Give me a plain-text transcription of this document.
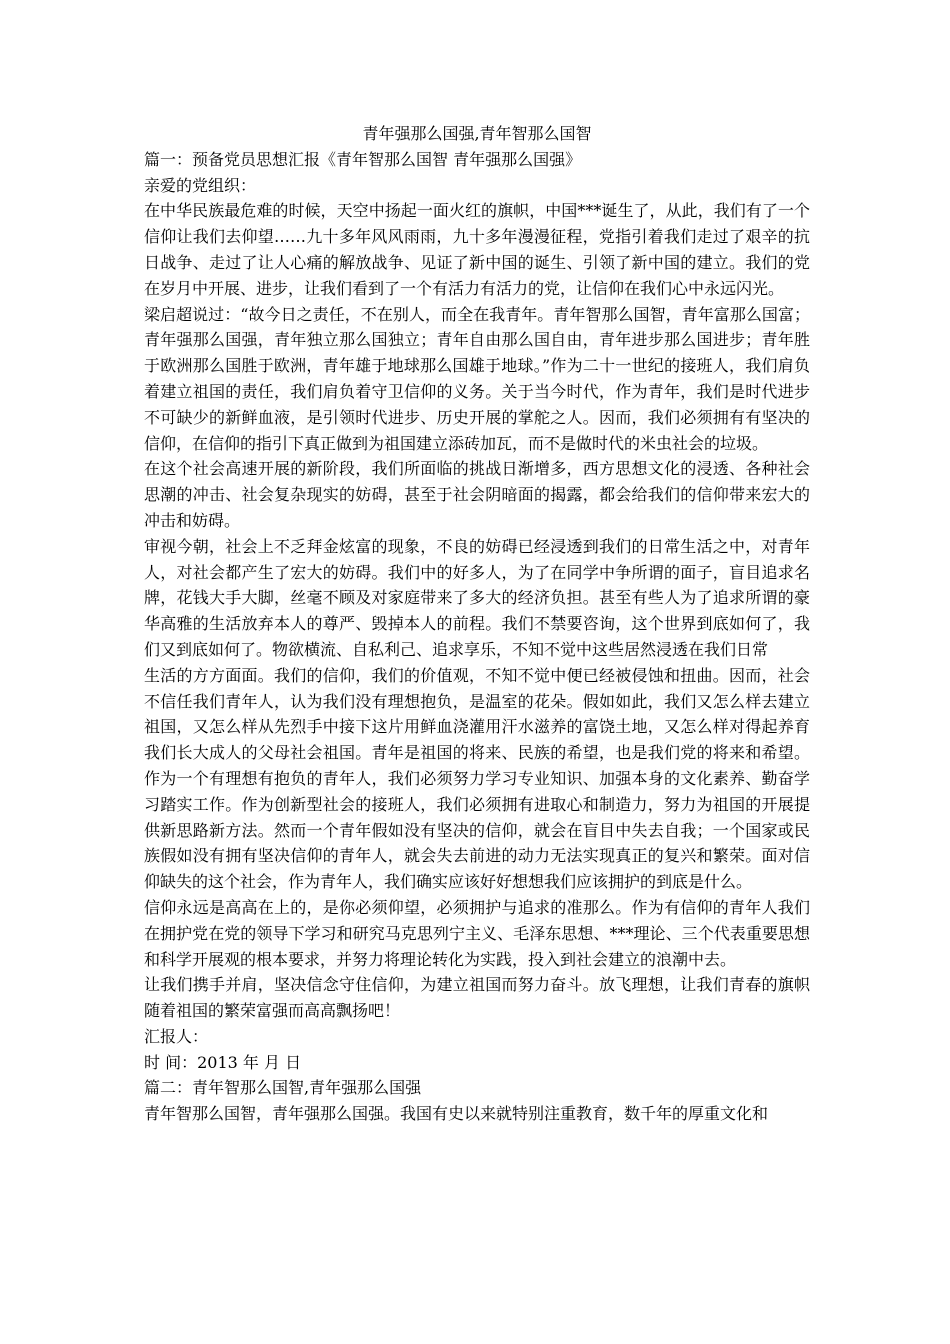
青年强那么国强,青年智那么国智

篇一：预备党员思想汇报《青年智那么国智 青年强那么国强》

亲爱的党组织：

在中华民族最危难的时候，天空中扬起一面火红的旗帜，中国***诞生了，从此，我们有了一个信仰让我们去仰望……九十多年风风雨雨，九十多年漫漫征程，党指引着我们走过了艰辛的抗日战争、走过了让人心痛的解放战争、见证了新中国的诞生、引领了新中国的建立。我们的党在岁月中开展、进步，让我们看到了一个有活力有活力的党，让信仰在我们心中永远闪光。

梁启超说过：“故今日之责任，不在别人，而全在我青年。青年智那么国智，青年富那么国富；青年强那么国强，青年独立那么国独立；青年自由那么国自由，青年进步那么国进步；青年胜于欧洲那么国胜于欧洲，青年雄于地球那么国雄于地球。”作为二十一世纪的接班人，我们肩负着建立祖国的责任，我们肩负着守卫信仰的义务。关于当今时代，作为青年，我们是时代进步不可缺少的新鲜血液，是引领时代进步、历史开展的掌舵之人。因而，我们必须拥有有坚决的信仰，在信仰的指引下真正做到为祖国建立添砖加瓦，而不是做时代的米虫社会的垃圾。

在这个社会高速开展的新阶段，我们所面临的挑战日渐增多，西方思想文化的浸透、各种社会思潮的冲击、社会复杂现实的妨碍，甚至于社会阴暗面的揭露，都会给我们的信仰带来宏大的冲击和妨碍。

审视今朝，社会上不乏拜金炫富的现象，不良的妨碍已经浸透到我们的日常生活之中，对青年人，对社会都产生了宏大的妨碍。我们中的好多人，为了在同学中争所谓的面子，盲目追求名牌，花钱大手大脚，丝毫不顾及对家庭带来了多大的经济负担。甚至有些人为了追求所谓的豪华高雅的生活放弃本人的尊严、毁掉本人的前程。我们不禁要咨询，这个世界到底如何了，我们又到底如何了。物欲横流、自私利己、追求享乐，不知不觉中这些居然浸透在我们日常

生活的方方面面。我们的信仰，我们的价值观，不知不觉中便已经被侵蚀和扭曲。因而，社会不信任我们青年人，认为我们没有理想抱负，是温室的花朵。假如如此，我们又怎么样去建立祖国，又怎么样从先烈手中接下这片用鲜血浇灌用汗水滋养的富饶土地，又怎么样对得起养育我们长大成人的父母社会祖国。青年是祖国的将来、民族的希望，也是我们党的将来和希望。作为一个有理想有抱负的青年人，我们必须努力学习专业知识、加强本身的文化素养、勤奋学习踏实工作。作为创新型社会的接班人，我们必须拥有进取心和制造力，努力为祖国的开展提供新思路新方法。然而一个青年假如没有坚决的信仰，就会在盲目中失去自我；一个国家或民族假如没有拥有坚决信仰的青年人，就会失去前进的动力无法实现真正的复兴和繁荣。面对信仰缺失的这个社会，作为青年人，我们确实应该好好想想我们应该拥护的到底是什么。

信仰永远是高高在上的，是你必须仰望，必须拥护与追求的准那么。作为有信仰的青年人我们在拥护党在党的领导下学习和研究马克思列宁主义、毛泽东思想、***理论、三个代表重要思想和科学开展观的根本要求，并努力将理论转化为实践，投入到社会建立的浪潮中去。

让我们携手并肩，坚决信念守住信仰，为建立祖国而努力奋斗。放飞理想，让我们青春的旗帜随着祖国的繁荣富强而高高飘扬吧！

汇报人：

时 间：2013 年 月 日

篇二：青年智那么国智,青年强那么国强

青年智那么国智，青年强那么国强。我国有史以来就特别注重教育，数千年的厚重文化和
